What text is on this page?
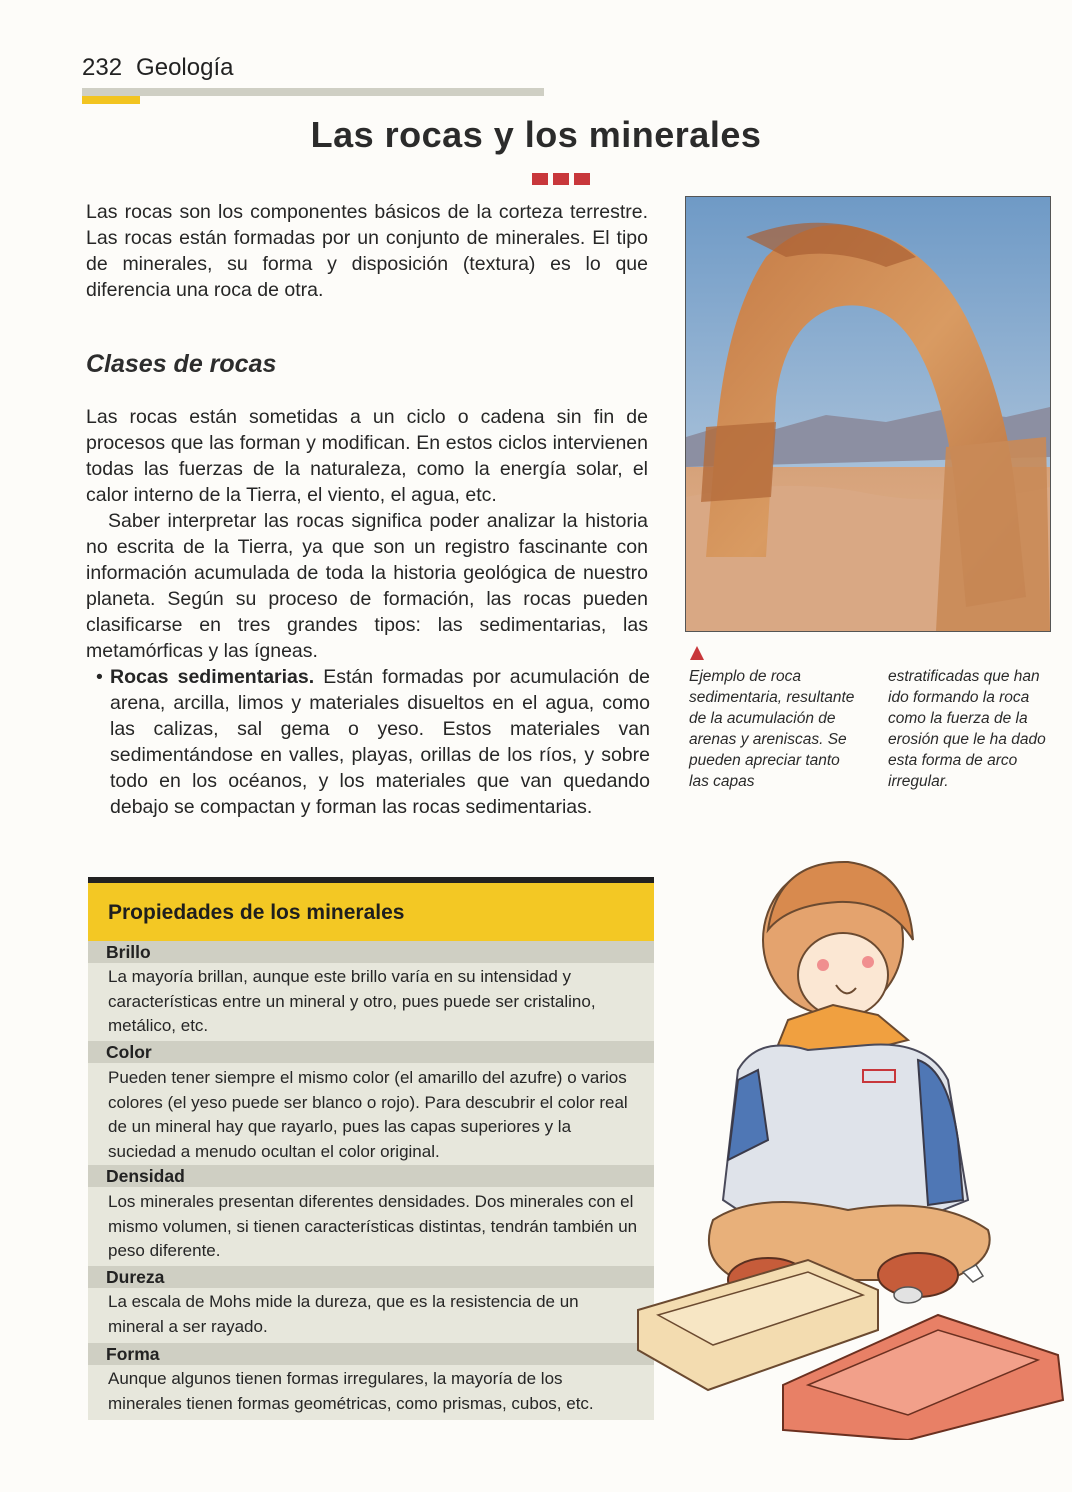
232 Geología
Las rocas y los minerales
Las rocas son los componentes básicos de la corteza terrestre. Las rocas están formadas por un conjunto de minerales. El tipo de minerales, su forma y disposición (textura) es lo que diferencia una roca de otra.
Clases de rocas

Las rocas están sometidas a un ciclo o cadena sin fin de procesos que las forman y modifican. En estos ciclos intervienen todas las fuerzas de la naturaleza, como la energía solar, el calor interno de la Tierra, el viento, el agua, etc.

Saber interpretar las rocas significa poder analizar la historia no escrita de la Tierra, ya que son un registro fascinante con información acumulada de toda la historia geológica de nuestro planeta. Según su proceso de formación, las rocas pueden clasificarse en tres grandes tipos: las sedimentarias, las metamórficas y las ígneas.

• Rocas sedimentarias. Están formadas por acumulación de arena, arcilla, limos y materiales disueltos en el agua, como las calizas, sal gema o yeso. Estos materiales van sedimentándose en valles, playas, orillas de los ríos, y sobre todo en los océanos, y los materiales que van quedando debajo se compactan y forman las rocas sedimentarias.
Ejemplo de roca sedimentaria, resultante de la acumulación de arenas y areniscas. Se pueden apreciar tanto las capas
estratificadas que han ido formando la roca como la fuerza de la erosión que le ha dado esta forma de arco irregular.
Propiedades de los minerales
Brillo
La mayoría brillan, aunque este brillo varía en su intensidad y características entre un mineral y otro, pues puede ser cristalino, metálico, etc.
Color
Pueden tener siempre el mismo color (el amarillo del azufre) o varios colores (el yeso puede ser blanco o rojo). Para descubrir el color real de un mineral hay que rayarlo, pues las capas superiores y la suciedad a menudo ocultan el color original.
Densidad
Los minerales presentan diferentes densidades. Dos minerales con el mismo volumen, si tienen características distintas, tendrán también un peso diferente.
Dureza
La escala de Mohs mide la dureza, que es la resistencia de un mineral a ser rayado.
Forma
Aunque algunos tienen formas irregulares, la mayoría de los minerales tienen formas geométricas, como prismas, cubos, etc.
